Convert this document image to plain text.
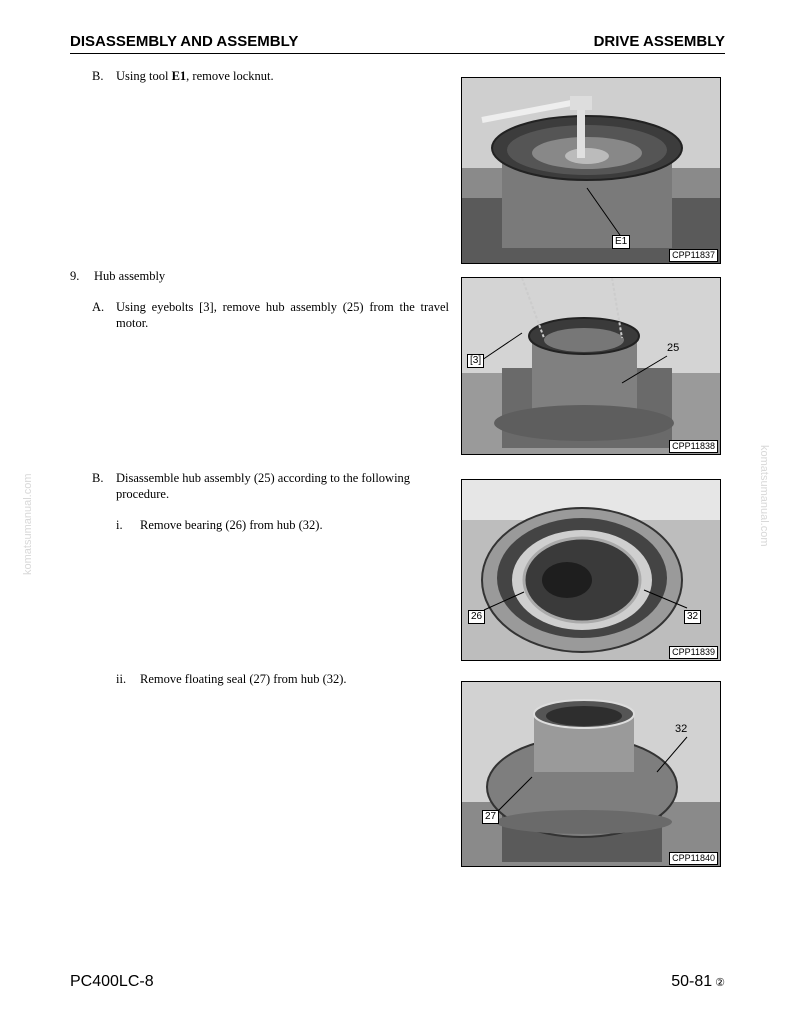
DISASSEMBLY AND ASSEMBLY	DRIVE ASSEMBLY
B. Using tool E1, remove locknut.
9. Hub assembly
A. Using eyebolts [3], remove hub assembly (25) from the travel motor.
B. Disassemble hub assembly (25) according to the following procedure.
i. Remove bearing (26) from hub (32).
ii. Remove floating seal (27) from hub (32).
E1
CPP11837
[3]
25
CPP11838
26	32
CPP11839
32
27
CPP11840
komatsumanual.com	komatsumanual.com
PC400LC-8	50-81 ②
